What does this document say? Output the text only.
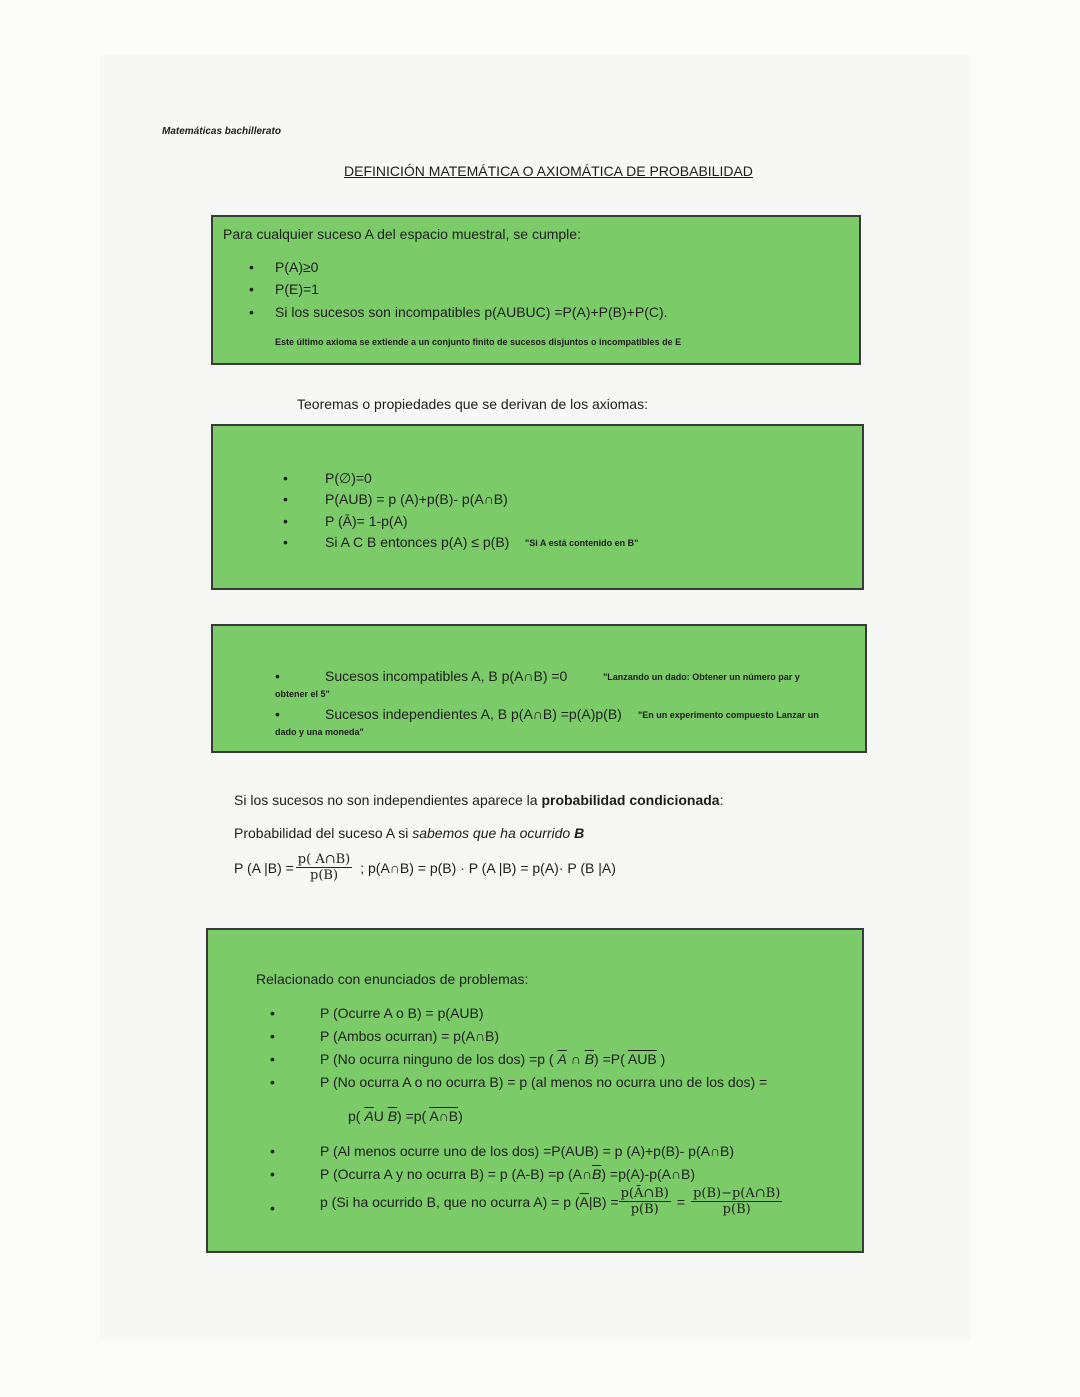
Matemáticas bachillerato
DEFINICIÓN MATEMÁTICA O AXIOMÁTICA DE PROBABILIDAD
Para cualquier suceso A del espacio muestral, se cumple:
• P(A)≥0
• P(E)=1
• Si los sucesos son incompatibles p(AUBUC) =P(A)+P(B)+P(C).
Este último axioma se extiende a un conjunto finito de sucesos disjuntos o incompatibles de E
Teoremas o propiedades que se derivan de los axiomas:
•	P(∅)=0
•	P(AUB) = p (A)+p(B)- p(A∩B)
•	P (Ā)= 1-p(A)
•	Si A C B entonces p(A) ≤ p(B) "Si A está contenido en B"
•	Sucesos incompatibles A, B p(A∩B) =0	"Lanzando un dado: Obtener un número par y
obtener el 5"
•	Sucesos independientes A, B p(A∩B) =p(A)p(B) "En un experimento compuesto Lanzar un
dado y una moneda"
Si los sucesos no son independientes aparece la probabilidad condicionada:
Probabilidad del suceso A si sabemos que ha ocurrido B
P (A $|B) = \frac{p( A\cap B)}{p(B)}$ ; p(A∩B) = p(B) · P (A |B) = p(A)· P (B |A)
Relacionado con enunciados de problemas:
•	P (Ocurre A o B) = p(AUB)
•	P (Ambos ocurran) = p(A∩B)
•	P (No ocurra ninguno de los dos) =p ( $\overline{A}$ ∩ $\overline{B}) =P$( $\overline{AUB}$ )
•	P (No ocurra A o no ocurra B) = p (al menos no ocurra uno de los dos) =
p( $\overline{A}U$ $\overline{B}) =p$( A∩B)
•	P (Al menos ocurre uno de los dos) =P(AUB) = p (A)+p(B)- p(A∩B)
•	P (Ocurra A y no ocurra B) = p (A-B) =p $(A\cap\overline{B})$ =p(A)-p(A∩B)
•	p (Si ha ocurrido B, que no ocurra A) = p ( $\overline{A}$ $|B) = \frac{p(Ā\cap B)}{p(B)} = \frac{p(B)-p(A\cap B)}{p(B)}$
